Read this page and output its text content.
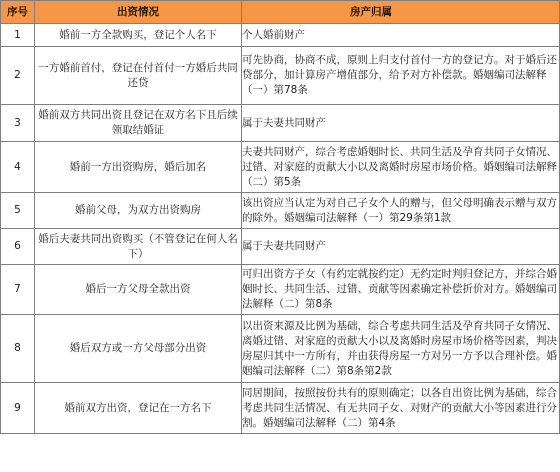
序号	出资情况	房产归属
1	婚前一方全款购买，登记个人名下	个人婚前财产
2	一方婚前首付，登记在付首付一方婚后共同还贷	可先协商，协商不成，原则上归支付首付一方的登记方。对于婚后还贷部分，加计算房产增值部分，给予对方补偿款。婚姻编司法解释（一）第78条
3	婚前双方共同出资且登记在双方名下且后续领取结婚证	属于夫妻共同财产
4	婚前一方出资购房，婚后加名	夫妻共同财产，综合考虑婚姻时长、共同生活及孕育共同子女情况、过错、对家庭的贡献大小以及离婚时房屋市场价格。婚姻编司法解释（二）第5条
5	婚前父母，为双方出资购房	该出资应当认定为对自己子女个人的赠与，但父母明确表示赠与双方的除外。婚姻编司法解释（一）第29条第1款
6	婚后夫妻共同出资购买（不管登记在何人名下）	属于夫妻共同财产
7	婚后一方父母全款出资	可归出资方子女（有约定就按约定）无约定时判归登记方，并综合婚姻时长、共同生活、过错、贡献等因素确定补偿折价对方。婚姻编司法解释（二）第8条
8	婚后双方或一方父母部分出资	以出资来源及比例为基础，综合考虑共同生活及孕育共同子女情况、离婚过错、对家庭的贡献大小以及离婚时房屋市场价格等因素，判决房屋归其中一方所有，并由获得房屋一方对另一方予以合理补偿。婚姻编司法解释（二）第8条第2款
9	婚前双方出资，登记在一方名下	同居期间，按照按份共有的原则确定；以各自出资比例为基础，综合考虑共同生活情况、有无共同子女、对财产的贡献大小等因素进行分割。婚姻编司法解释（二）第4条
